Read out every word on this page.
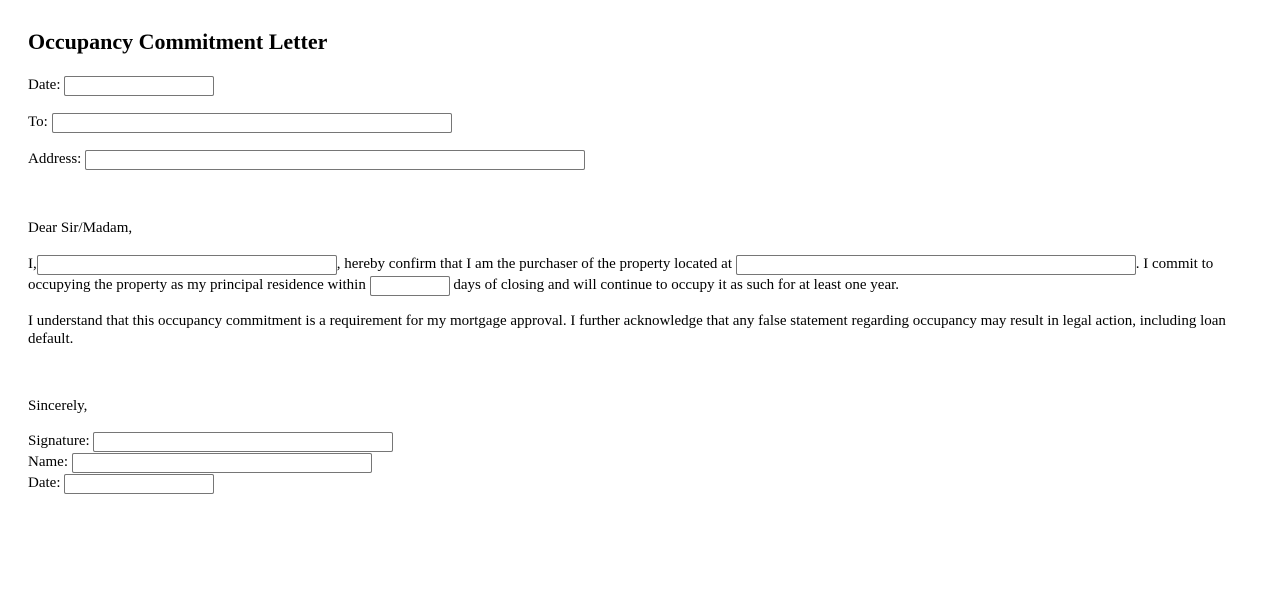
Occupancy Commitment Letter
Date:
To:
Address:

Dear Sir/Madam,

I,	, hereby confirm that I am the purchaser of the property located at	. I commit to occupying the property as my principal residence within	days of closing and will continue to occupy it as such for at least one year.

I understand that this occupancy commitment is a requirement for my mortgage approval. I further acknowledge that any false statement regarding occupancy may result in legal action, including loan default.

Sincerely,

Signature:
Name:
Date:
